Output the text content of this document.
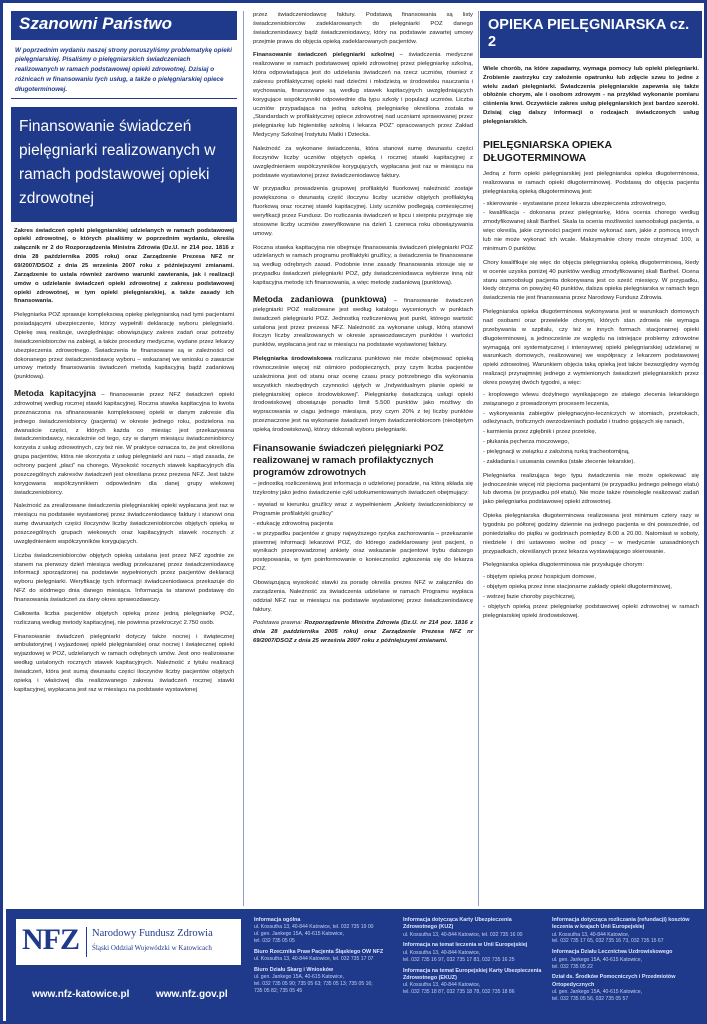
Szanowni Państwo
W poprzednim wydaniu naszej strony poruszyliśmy problematykę opieki pielęgniarskiej. Pisaliśmy o pielęgniarskich świadczeniach realizowanych w ramach podstawowej opieki zdrowotnej. Dzisiaj o różnicach w finansowaniu tych usług, a także o pielęgniarskiej opiece długoterminowej.
Finansowanie świadczeń pielęgniarki realizowanych w ramach podstawowej opieki zdrowotnej

Zakres świadczeń opieki pielęgniarskiej udzielanych w ramach podstawowej opieki zdrowotnej, o których pisaliśmy w poprzednim wydaniu, określa załącznik nr 2 do Rozporządzenia Ministra Zdrowia (Dz.U. nr 214 poz. 1816 z dnia 28 października 2005 roku) oraz Zarządzenie Prezesa NFZ nr 69/2007/DSOZ z dnia 25 września 2007 roku z późniejszymi zmianami. Zarządzenie to ustala również zarówno warunki zawierania, jak i realizacji umów o udzielanie świadczeń opieki zdrowotnej z zakresu podstawowej opieki zdrowotnej, w tym opieki pielęgniarskiej, a także zasady ich finansowania.

Pielęgniarka POZ sprawuje kompleksową opiekę pielęgniarską nad tymi pacjentami posiadającymi ubezpieczenie, którzy wypełnili deklarację wyboru pielęgniarki. Opiekę swą realizuje, uwzględniając obowiązujący zakres zadań oraz potrzeby świadczeniobiorców na zabiegi, a także procedury medyczne, wydane przez lekarzy ubezpieczenia zdrowotnego. Świadczenia te finansowane są w zależności od dokonanego przez świadczeniodawcę wyboru – wskazanej we wniosku o zawarcie umowy metody finansowania świadczeń metodą kapitacyjną bądź zadaniową (punktową).

Metoda kapitacyjna – finansowanie przez NFZ świadczeń opieki zdrowotnej według rocznej stawki kapitacyjnej. Roczna stawka kapitacyjna to kwota przeznaczona na sfinansowanie kompleksowej opieki w danym zakresie dla jednego świadczeniobiorcy (pacjenta) w okresie jednego roku, podzielona na dwanaście części, z których każda co miesiąc jest przekazywana świadczeniodawcy, niezależnie od tego, czy w danym miesiącu świadczeniobiorcy korzysta z usług zdrowotnych, czy też nie. W praktyce oznacza to, że jest określona grupa pacjentów, która nie skorzysta z usług pielęgniarki ani razu – stąd zasada, że ochrony pacjent „płaci” na chorego. Wysokość rocznych stawek kapitacyjnych dla poszczególnych zakresów świadczeń jest określana przez prezesa NFZ. Jest także korygowana współczynnikiem odpowiednim dla danej grupy wiekowej świadczeniobiorcy.

Należność za zrealizowane świadczenia pielęgniarskiej opieki wypłacana jest raz w miesiącu na podstawie wystawionej przez świadczeniodawcę faktury i stanowi ona sumę dwunastych części iloczynów liczby świadczeniobiorców objętych opieką w poszczególnych grupach wiekowych oraz kapitacyjnych stawek rocznych z uwzględnieniem współczynników korygujących.

Liczba świadczeniobiorców objętych opieką ustalana jest przez NFZ zgodnie ze stanem na pierwszy dzień miesiąca według przekazanej przez świadczeniodawcę informacji sporządzonej na podstawie wypełnionych przez pacjentów deklaracji wyboru pielęgniarki. Weryfikację tych informacji świadczeniodawca przekazuje do NFZ do siódmego dnia danego miesiąca. Informacja ta stanowi podstawę do finansowania świadczeń za dany okres sprawozdawczy.

Całkowita liczba pacjentów objętych opieką przez jedną pielęgniarkę POZ, rozliczaną według metody kapitacyjnej, nie powinna przekroczyć 2.750 osób.

Finansowanie świadczeń pielęgniarki dotyczy także nocnej i świątecznej ambulatoryjnej i wyjazdowej opieki pielęgniarskiej oraz nocnej i świątecznej opieki wyjazdowej w POZ, udzielanych w ramach odrębnych umów. Jest ono realizowane według ustalonych rocznych stawek kapitacyjnych. Należność z tytułu realizacji świadczeń, która jest sumą dwunastu części iloczynów liczby pacjentów objętych opieką i właściwej dla realizowanego zakresu świadczeń rocznej stawki kapitacyjnej, wypłacana jest raz w miesiącu na podstawie wystawionej

przez świadczeniodawcę faktury. Podstawą finansowania są listy świadczeniobiorców zadeklarowanych do pielęgniarki POZ danego świadczeniodawcy bądź świadczeniodawcy, który na podstawie zawartej umowy przejmie prawa do objęcia opieką zadeklarowanych pacjentów.

Finansowanie świadczeń pielęgniarki szkolnej – świadczenia medyczne realizowane w ramach podstawowej opieki zdrowotnej przez pielęgniarkę szkolną, która odpowiadająca jest do udzielania świadczeń na rzecz uczniów, również z zakresu profilaktycznej opieki nad dziećmi i młodzieżą w środowisku nauczania i wychowania, finansowane są według stawek kapitacyjnych uwzględniających korygujące współczynniki odpowiednie dla typu szkoły i populacji uczniów. Liczba uczniów przypadająca na jedną szkolną pielęgniarkę określona została w „Standardach w profilaktycznej opiece zdrowotnej nad uczniami sprawowanej przez pielęgniarkę lub higienistkę szkolną i lekarza POZ” opracowanych przez Zakład Medycyny Szkolnej Instytutu Matki i Dziecka.

Należność za wykonane świadczenia, która stanowi sumę dwunastu części iloczynów liczby uczniów objętych opieką i rocznej stawki kapitacyjnej z uwzględnieniem współczynników korygujących, wypłacana jest raz w miesiącu na podstawie wystawionej przez świadczeniodawcę faktury.

W przypadku prowadzenia grupowej profilaktyki fluorkowej należność zostaje powiększona o dwunastą część iloczynu liczby uczniów objętych profilaktyką fluorkową oraz rocznej stawki kapitacyjnej. Listy uczniów podlegają comiesięcznej weryfikacji przez Fundusz. Do rozliczania świadczeń w lipcu i sierpniu przyjmuje się stosowne liczby uczniów zweryfikowane na dzień 1 czerwca roku obowiązywania umowy.

Roczna stawka kapitacyjna nie obejmuje finansowania świadczeń pielęgniarki POZ udzielanych w ramach programu profilaktyki gruźlicy, a świadczenia te finansowane są według odrębnych zasad. Podobnie inne zasady finansowania stosuje się w przypadku świadczeń pielęgniarki POZ, gdy świadczeniodawca wybierze inną niż kapitacyjna metodę ich finansowania, a więc metodę zadaniową (punktową).

Metoda zadaniowa (punktowa) – finansowanie świadczeń pielęgniarki POZ realizowane jest według katalogu wycenionych w punktach świadczeń pielęgniarki POZ. Jednostką rozliczeniową jest punkt, którego wartość ustalona jest przez prezesa NFZ. Należność za wykonane usługi, którą stanowi iloczyn liczby zrealizowanych w okresie sprawozdawczym punktów i wartości punktów, wypłacana jest raz w miesiącu na podstawie wystawionej faktury.

Pielęgniarka środowiskowa rozliczana punktowo nie może obejmować opieką równocześnie więcej niż ośmioro podopiecznych, przy czym liczba pacjentów uzależniona jest od stanu oraz ocenę czasu pracy potrzebnego dla wykonania wszystkich niezbędnych czynności ujętych w „Indywidualnym planie opieki w pielęgniarskiej opiece środowiskowej”. Pielęgniarkę świadczącą usługi opieki środowiskowej obowiązuje ponadto limit 5.500 punktów jako możliwy do wypracowania w ciągu jednego miesiąca, przy czym 20% z tej liczby punktów przeznaczone jest na wykonanie świadczeń innym świadczeniobiorcom (nieobjętym opieką środowiskową), którzy dokonali wyboru pielęgniarki.

Finansowanie świadczeń pielęgniarki POZ realizowanej w ramach profilaktycznych programów zdrowotnych

– jednostką rozliczeniową jest informacja o udzielonej poradzie, na którą składa się trzykrotny jako jedno świadczenie cykl udokumentowanych świadczeń obejmujący:

- wywiad w kierunku gruźlicy wraz z wypełnieniem „Ankiety świadczeniobiorcy w Programie profilaktyki gruźlicy”
- edukację zdrowotną pacjenta
- w przypadku pacjentów z grupy najwyższego ryzyka zachorowania – przekazanie pisemnej informacji lekarzowi POZ, do którego zadeklarowany jest pacjent, o wynikach przeprowadzonej ankiety oraz wskazanie pacjentowi trybu dalszego postępowania, w tym poinformowanie o konieczności zgłoszenia się do lekarza POZ.

Obowiązującą wysokość stawki za poradę określa prezes NFZ w załączniku do zarządzenia. Należność za świadczenia udzielane w ramach Programu wypłaca oddział NFZ raz w miesiącu na podstawie wystawionej przez świadczeniodawcę faktury.

Podstawa prawna: Rozporządzenie Ministra Zdrowia (Dz.U. nr 214 poz. 1816 z dnia 28 października 2005 roku) oraz Zarządzenie Prezesa NFZ nr 69/2007/DSOZ z dnia 25 września 2007 roku z późniejszymi zmianami.

OPIEKA PIELĘGNIARSKA cz. 2

Wiele chorób, na które zapadamy, wymaga pomocy lub opieki pielęgniarki. Zrobienie zastrzyku czy założenie opatrunku lub zdjęcie szwu to jedne z wielu zadań pielęgniarki. Świadczenia pielęgniarskie zapewnia się także obłożnie chorym, ale i osobom zdrowym - na przykład wykonanie pomiaru ciśnienia krwi. Oczywiście zakres usług pielęgniarskich jest bardzo szeroki. Dzisiaj ciąg dalszy informacji o rodzajach świadczonych usług pielęgniarskich.

PIELĘGNIARSKA OPIEKA DŁUGOTERMINOWA

Jedną z form opieki pielęgniarskiej jest pielęgniarska opieka długoterminowa, realizowana w ramach opieki długoterminowej. Podstawą do objęcia pacjenta pielęgniarską opieką długoterminową jest:

- skierowanie - wystawiane przez lekarza ubezpieczenia zdrowotnego,
- kwalifikacja - dokonana przez pielęgniarkę, która ocenia chorego według zmodyfikowanej skali Barthel. Skala ta ocenia możliwości samoobsługi pacjenta, a więc określa, jakie czynności pacjent może wykonać sam, jakie z pomocą innych lub nie może wykonać ich wcale. Maksymalnie chory może otrzymać 100, a minimum 0 punktów.

Chory kwalifikuje się więc do objęcia pielęgniarską opieką długoterminową, kiedy w ocenie uzyska poniżej 40 punktów według zmodyfikowanej skali Barthel. Ocena stanu samoobsługi pacjenta dokonywana jest co sześć miesięcy. W przypadku, kiedy otrzyma on powyżej 40 punktów, dalsza opieka pielęgniarska w ramach tego świadczenia nie jest finansowana przez Narodowy Fundusz Zdrowia.

Pielęgniarska opieka długoterminowa wykonywana jest w warunkach domowych nad osobami oraz przewlekle chorymi, których stan zdrowia nie wymaga przebywania w szpitalu, czy też w innych formach stacjonarnej opieki długoterminowej, a jednocześnie ze względu na istniejące problemy zdrowotne wymagają oni systematycznej i intensywnej opieki pielęgniarskiej udzielanej w warunkach domowych, realizowanej we współpracy z lekarzem podstawowej opieki zdrowotnej. Warunkiem objęcia taką opieką jest także bezwzględny wymóg realizacji przynajmniej jednego z wymienionych świadczeń pielęgniarskich przez okres powyżej dwóch tygodni, a więc:

- kroplowego wlewu dożylnego wynikającego ze stałego zlecenia lekarskiego związanego z prowadzonym procesem leczenia,
- wykonywania zabiegów pielęgnacyjno-leczniczych w stomiach, przetokach, odleżynach, troficznych owrzodzeniach podudzi i trudno gojących się ranach,
- karmienia przez zgłębnik i przez przetokę,
- płukania pęcherza moczowego,
- pielęgnacji w związku z założoną rurką tracheotomijną,
- zakładania i usuwania cewnika (stałe zlecenie lekarskie).

Pielęgniarka realizująca tego typu świadczenia nie może opiekować się jednocześnie więcej niż pięcioma pacjentami (w przypadku jednego pełnego etatu) lub dwoma (w przypadku pół etatu). Nie może także równolegle realizować zadań jako pielęgniarka podstawowej opieki zdrowotnej.

Opieka pielęgniarska długoterminowa realizowana jest minimum cztery razy w tygodniu po półtorej godziny dziennie na jednego pacjenta w dni powszednie, od poniedziałku do piątku w godzinach pomiędzy 8.00 a 20.00. Natomiast w soboty, niedziele i dni ustawowo wolne od pracy – w medycznie uzasadnionych przypadkach, określanych przez lekarza wystawiającego skierowanie.

Pielęgniarska opieka długoterminowa nie przysługuje chorym:

- objętym opieką przez hospicjum domowe,
- objętym opieką przez inne stacjonarne zakłady opieki długoterminowej,
- wstrzej fazie choroby psychicznej,
- objętych opieką przez pielęgniarkę podstawowej opieki zdrowotnej w ramach pielęgniarskiej opieki środowiskowej.
NFZ Narodowy Fundusz Zdrowia
Śląski Oddział Wojewódzki w Katowicach
www.nfz-katowice.pl	www.nfz.gov.pl
Informacja ogólna
ul. Kossutha 13, 40-844 Katowice, tel. 032 735 19 00
ul. gen. Jankego 15A, 40-615 Katowice,
tel. 032 735 05 05
Biuro Rzecznika Praw Pacjenta Śląskiego OW NFZ
ul. Kossutha 13, 40-844 Katowice, tel. 032 735 17 07
Biuro Działu Skarg i Wniosków
ul. gen. Jankego 15A, 40-615 Katowice,
tel. 032 735 05 90; 735 05 63; 735 05 13; 735 05 16;
735 05 82; 735 05 45
Informacja dotycząca Karty Ubezpieczenia Zdrowotnego (KUZ)
ul. Kossutha 13, 40-844 Katowice, tel. 032 735 16 00
Informacja na temat leczenia w Unii Europejskiej
ul. Kossutha 13, 40-844 Katowice,
tel. 032 735 16 97, 032 735 17 83, 032 735 16 25
Informacja na temat Europejskiej Karty Ubezpieczenia Zdrowotnego (EKUZ)
ul. Kossutha 13, 40-844 Katowice,
tel. 032 735 18 87, 032 735 18 78, 032 735 18 86
Informacja dotycząca rozliczania (refundacji) kosztów leczenia w krajach Unii Europejskiej
ul. Kossutha 13, 40-844 Katowice,
tel. 032 735 17 65, 032 735 16 73, 032 735 15 67
Informacja Działu Lecznictwa Uzdrowiskowego
ul. gen. Jankego 15A, 40-615 Katowice,
tel. 032 735 05 22
Dział ds. Środków Pomocniczych i Przedmiotów Ortopedycznych
ul. gen. Jankego 15A, 40-615 Katowice,
tel. 032 735 05 56, 032 735 05 57
